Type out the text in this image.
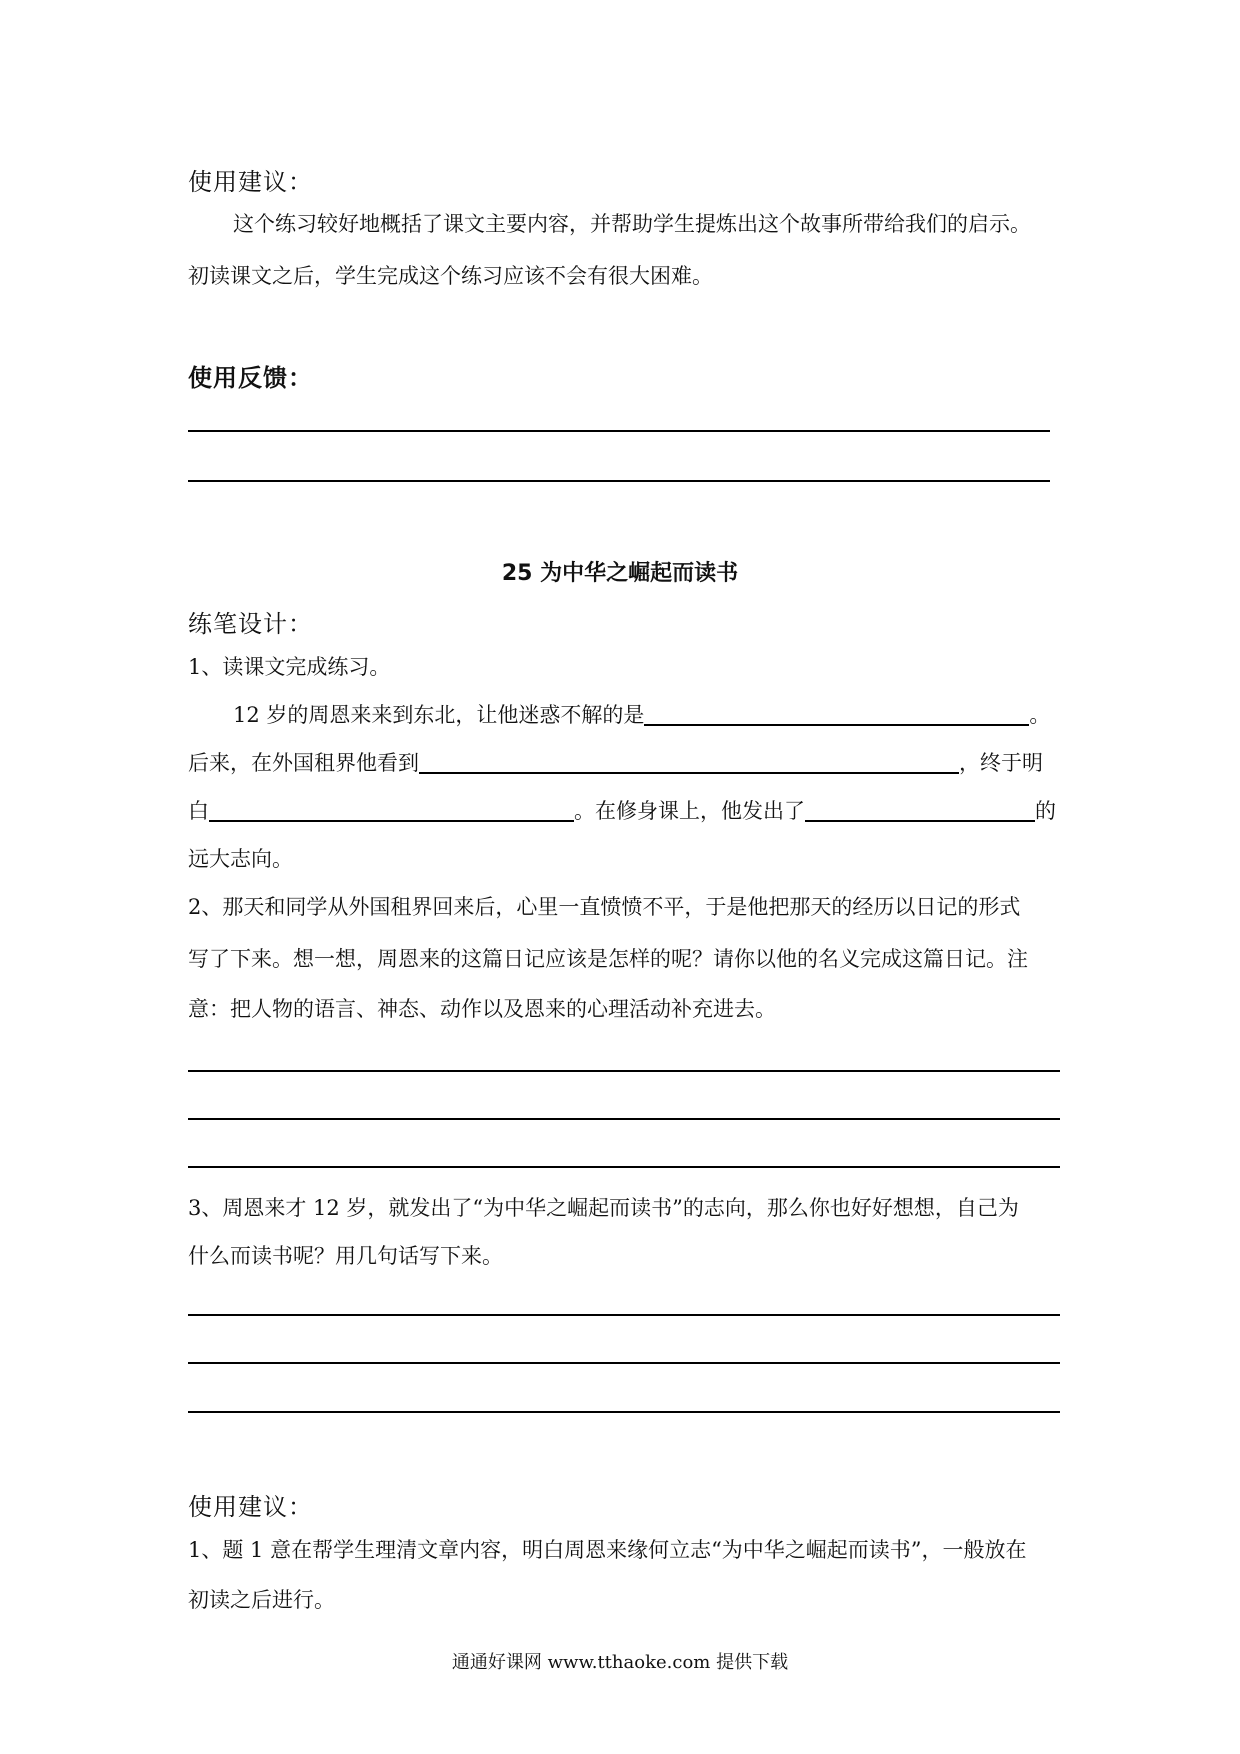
使用建议：
这个练习较好地概括了课文主要内容，并帮助学生提炼出这个故事所带给我们的启示。
初读课文之后，学生完成这个练习应该不会有很大困难。
使用反馈：
25 为中华之崛起而读书
练笔设计：
1、读课文完成练习。
12 岁的周恩来来到东北，让他迷惑不解的是	。
后来，在外国租界他看到	，终于明
白	。在修身课上，他发出了	的
远大志向。
2、那天和同学从外国租界回来后，心里一直愤愤不平，于是他把那天的经历以日记的形式
写了下来。想一想，周恩来的这篇日记应该是怎样的呢？请你以他的名义完成这篇日记。注
意：把人物的语言、神态、动作以及恩来的心理活动补充进去。
3、周恩来才 12 岁，就发出了“为中华之崛起而读书”的志向，那么你也好好想想，自己为
什么而读书呢？用几句话写下来。
使用建议：
1、题 1 意在帮学生理清文章内容，明白周恩来缘何立志“为中华之崛起而读书”，一般放在
初读之后进行。
通通好课网 www.tthaoke.com 提供下载
